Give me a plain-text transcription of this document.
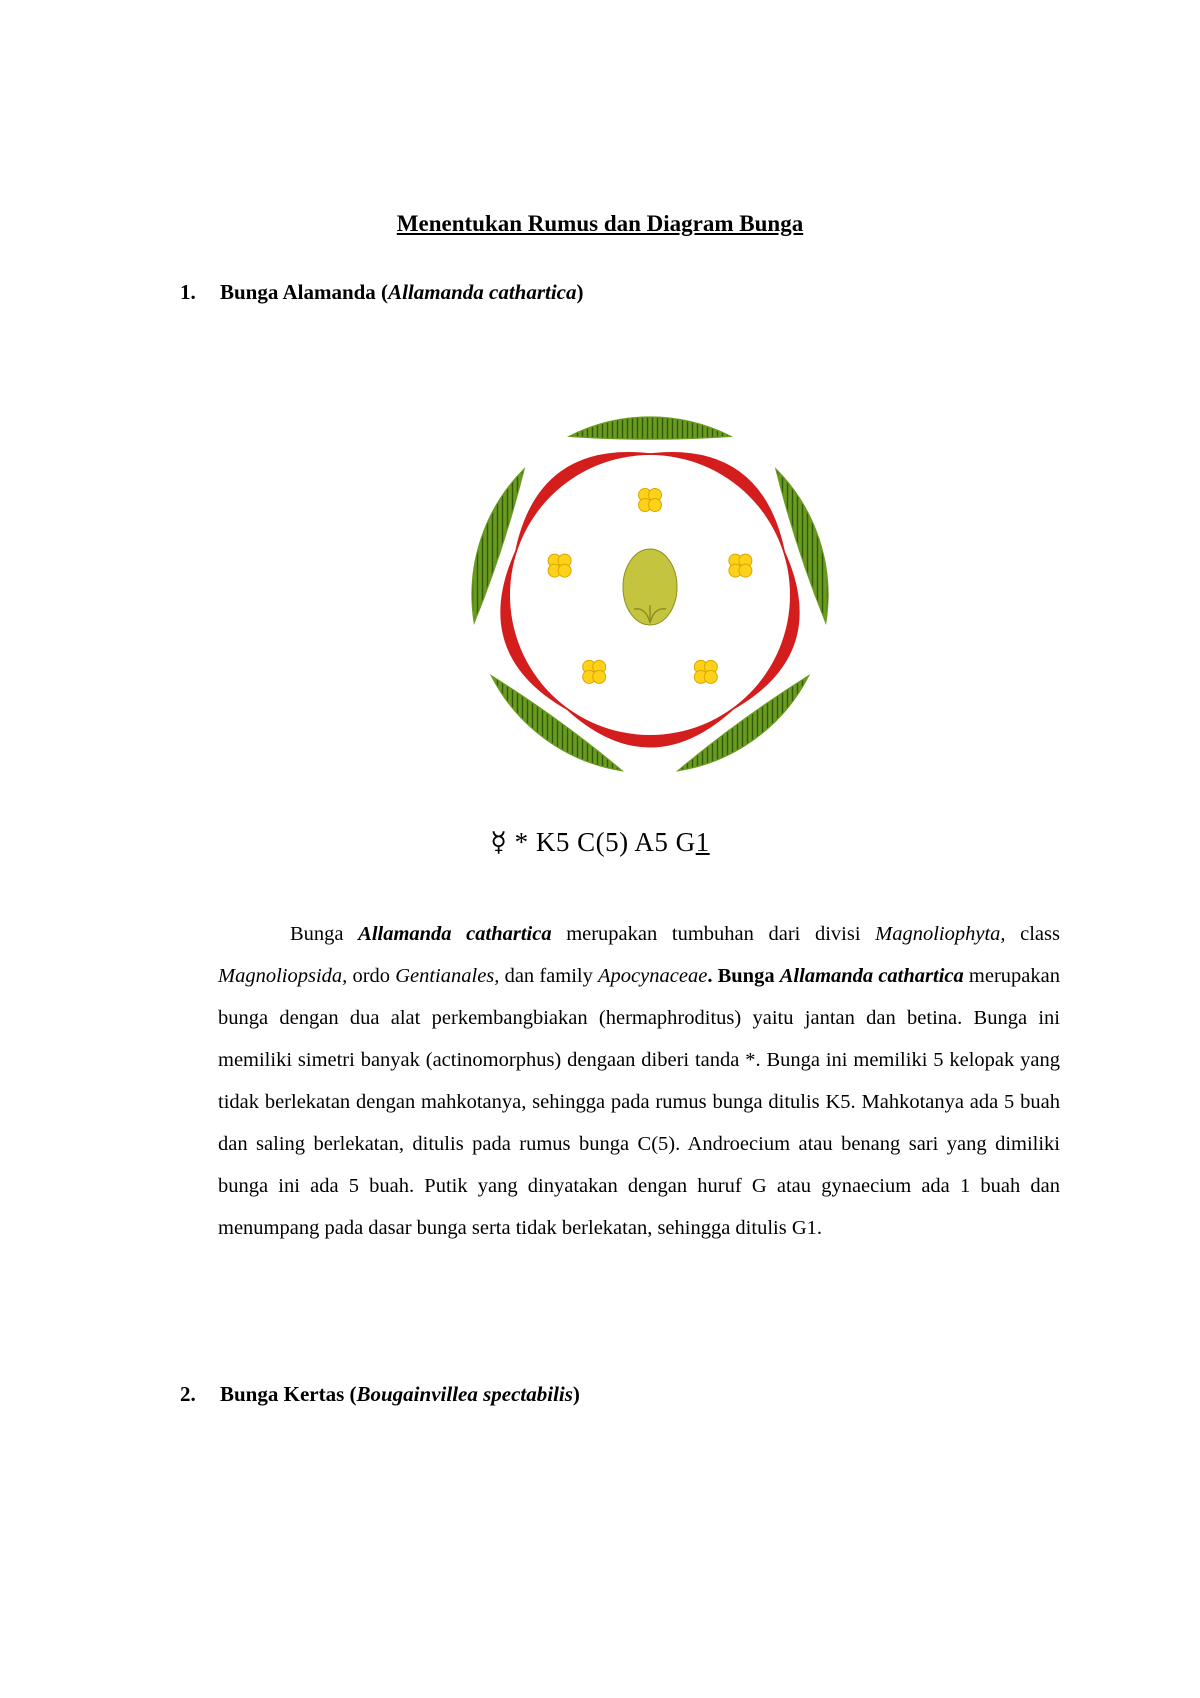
Menentukan Rumus dan Diagram Bunga
1. Bunga Alamanda (Allamanda cathartica)
☿ * K5 C(5) A5 G1

Bunga Allamanda cathartica merupakan tumbuhan dari divisi Magnoliophyta, class Magnoliopsida, ordo Gentianales, dan family Apocynaceae. Bunga Allamanda cathartica merupakan bunga dengan dua alat perkembangbiakan (hermaphroditus) yaitu jantan dan betina. Bunga ini memiliki simetri banyak (actinomorphus) dengaan diberi tanda *. Bunga ini memiliki 5 kelopak yang tidak berlekatan dengan mahkotanya, sehingga pada rumus bunga ditulis K5. Mahkotanya ada 5 buah dan saling berlekatan, ditulis pada rumus bunga C(5). Androecium atau benang sari yang dimiliki bunga ini ada 5 buah. Putik yang dinyatakan dengan huruf G atau gynaecium ada 1 buah dan menumpang pada dasar bunga serta tidak berlekatan, sehingga ditulis G1.

2. Bunga Kertas (Bougainvillea spectabilis)
